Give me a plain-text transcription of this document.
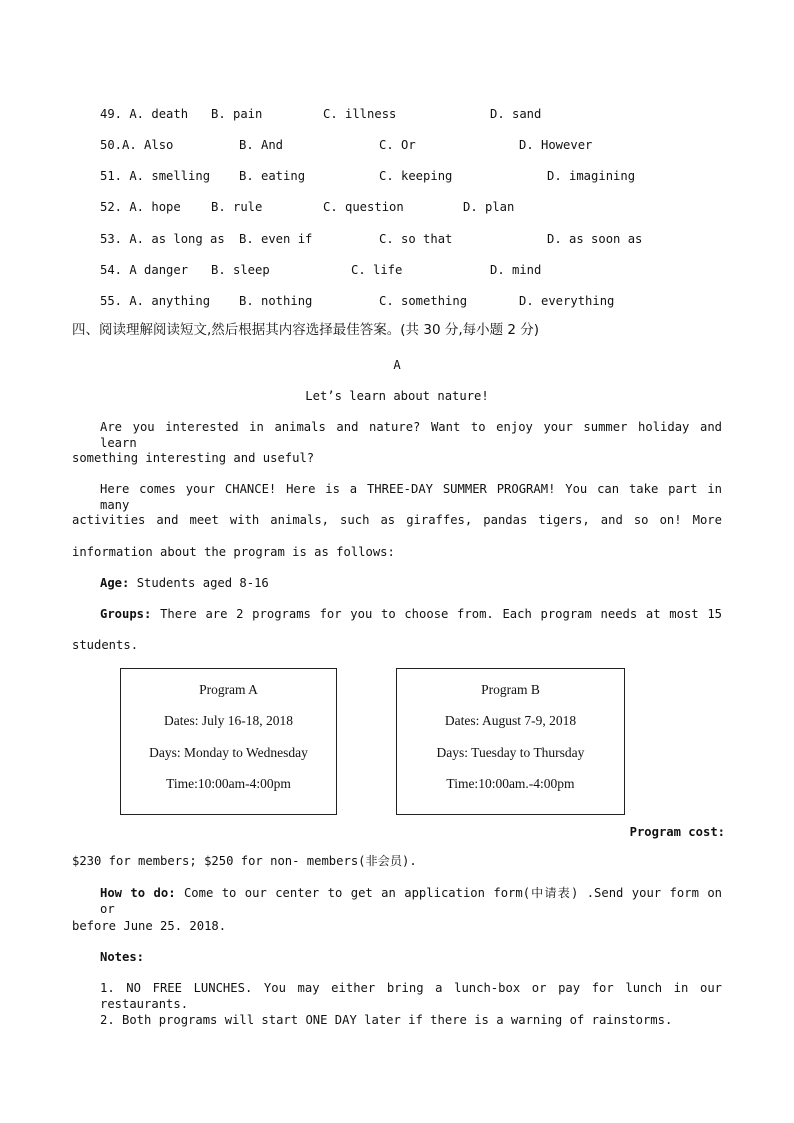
49. A. death B. pain	C. illness	D. sand
50.A. Also	B. And	C. Or	D. However
51. A. smelling B. eating	C. keeping	D. imagining
52. A. hope B. rule	C. question	D. plan
53. A. as long as B. even if	C. so that	D. as soon as
54. A danger B. sleep	C. life	D. mind
55. A. anything B. nothing	C. something	D. everything
四、阅读理解阅读短文,然后根据其内容选择最佳答案。(共 30 分,每小题 2 分)
A
Let’s learn about nature!
Are you interested in animals and nature? Want to enjoy your summer holiday and learn
something interesting and useful?
Here comes your CHANCE! Here is a THREE-DAY SUMMER PROGRAM! You can take part in many
activities and meet with animals, such as giraffes, pandas tigers, and so on! More
information about the program is as follows:
Age: Students aged 8-16
Groups: There are 2 programs for you to choose from. Each program needs at most 15
students.
Program A
Dates: July 16-18, 2018
Days: Monday to Wednesday
Time:10:00am-4:00pm
Program B
Dates: August 7-9, 2018
Days: Tuesday to Thursday
Time:10:00am.-4:00pm
Program cost:
$230 for members; $250 for non- members(非会员).
How to do: Come to our center to get an application form(中请表) .Send your form on or
before June 25. 2018.
Notes:
1. NO FREE LUNCHES. You may either bring a lunch-box or pay for lunch in our restaurants.
2. Both programs will start ONE DAY later if there is a warning of rainstorms.
